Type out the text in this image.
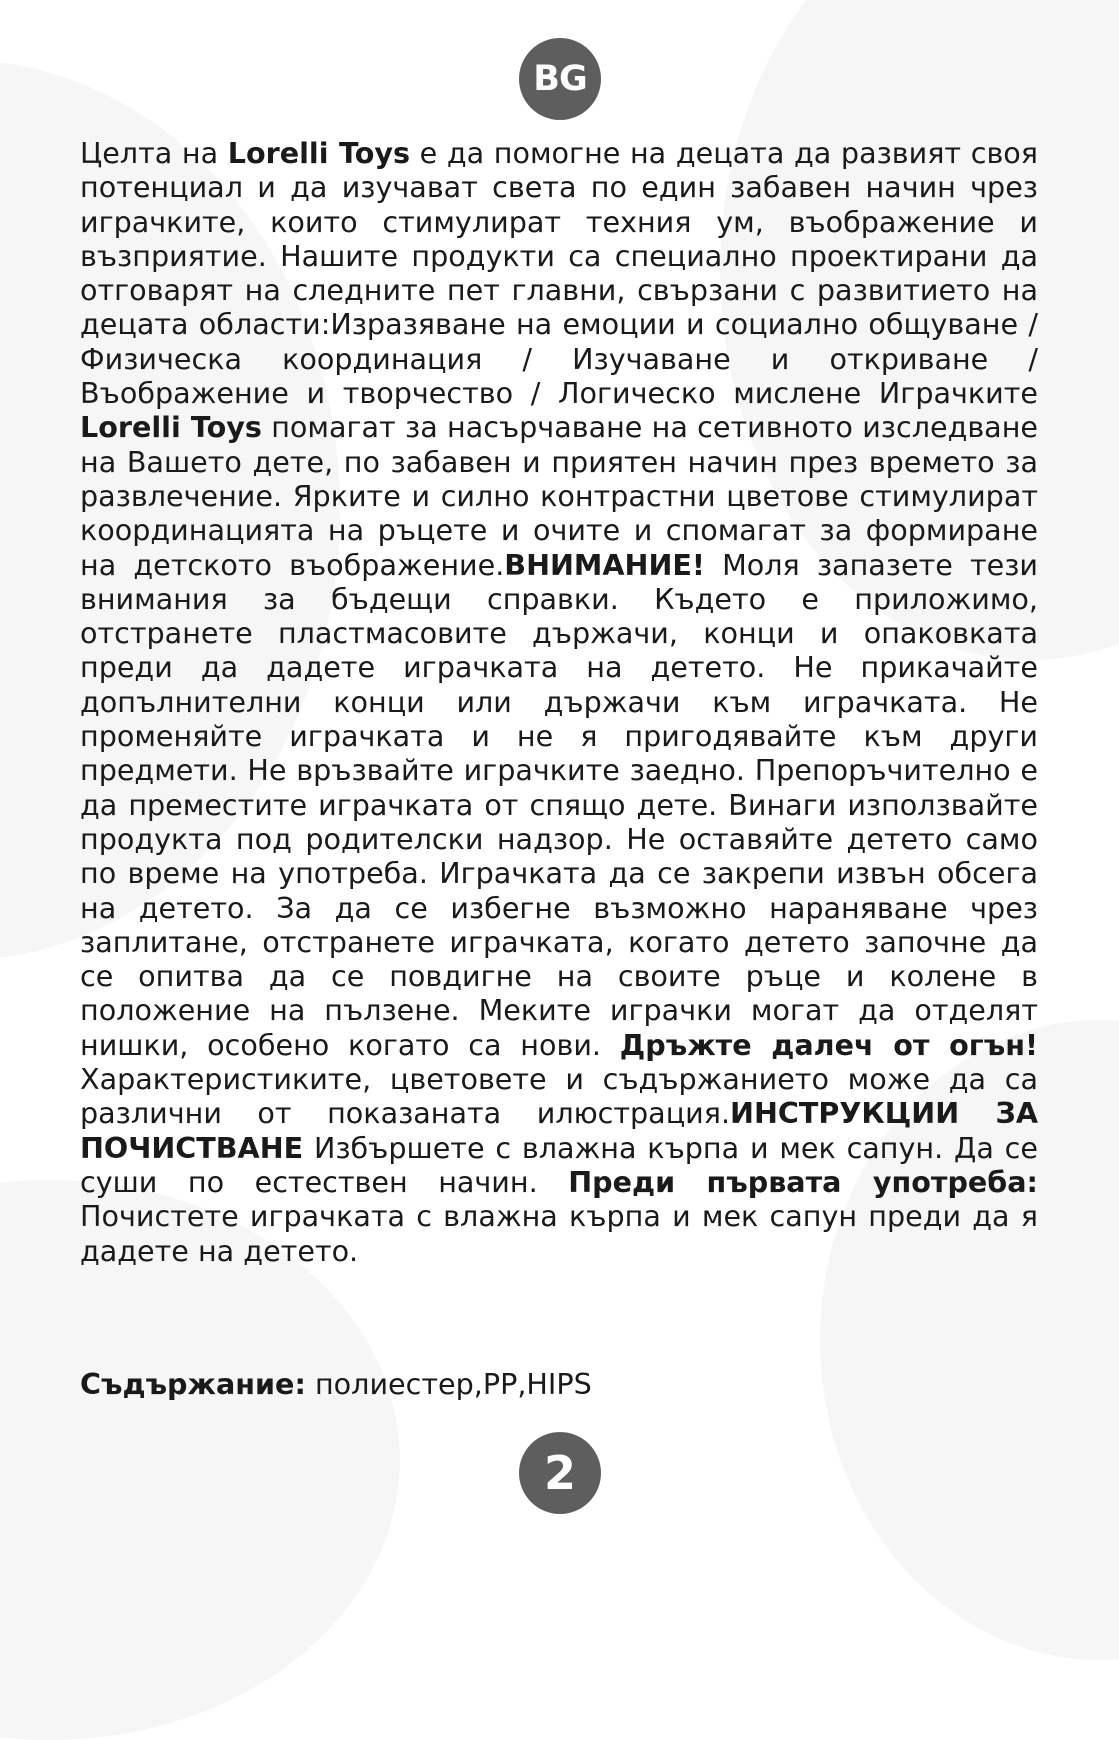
BG

Целта на Lorelli Toys е да помогне на децата да развият своя потенциал и да изучават света по един забавен начин чрез играчките, които стимулират техния ум, въображение и възприятие. Нашите продукти са специално проектирани да отговарят на следните пет главни, свързани с развитието на децата области:Изразяване на емоции и социално общуване / Физическа координация / Изучаване и откриване / Въображение и творчество / Логическо мислене Играчките Lorelli Toys помагат за насърчаване на сетивното изследване на Вашето дете, по забавен и приятен начин през времето за развлечение. Ярките и силно контрастни цветове стимулират координацията на ръцете и очите и спомагат за формиране на детското въображение.ВНИМАНИЕ! Моля запазете тези внимания за бъдещи справки. Където е приложимо, отстранете пластмасовите държачи, конци и опаковката преди да дадете играчката на детето. Не прикачайте допълнителни конци или държачи към играчката. Не променяйте играчката и не я пригодявайте към други предмети. Не връзвайте играчките заедно. Препоръчително е да преместите играчката от спящо дете. Винаги използвайте продукта под родителски надзор. Не оставяйте детето само по време на употреба. Играчката да се закрепи извън обсега на детето. За да се избегне възможно нараняване чрез заплитане, отстранете играчката, когато детето започне да се опитва да се повдигне на своите ръце и колене в положение на пълзене. Меките играчки могат да отделят нишки, особено когато са нови. Дръжте далеч от огън! Характеристиките, цветовете и съдържанието може да са различни от показаната илюстрация.ИНСТРУКЦИИ ЗА ПОЧИСТВАНЕ Избършете с влажна кърпа и мек сапун. Да се суши по естествен начин. Преди първата употреба: Почистете играчката с влажна кърпа и мек сапун преди да я дадете на детето.

Съдържание: полиестер,PP,HIPS

2
